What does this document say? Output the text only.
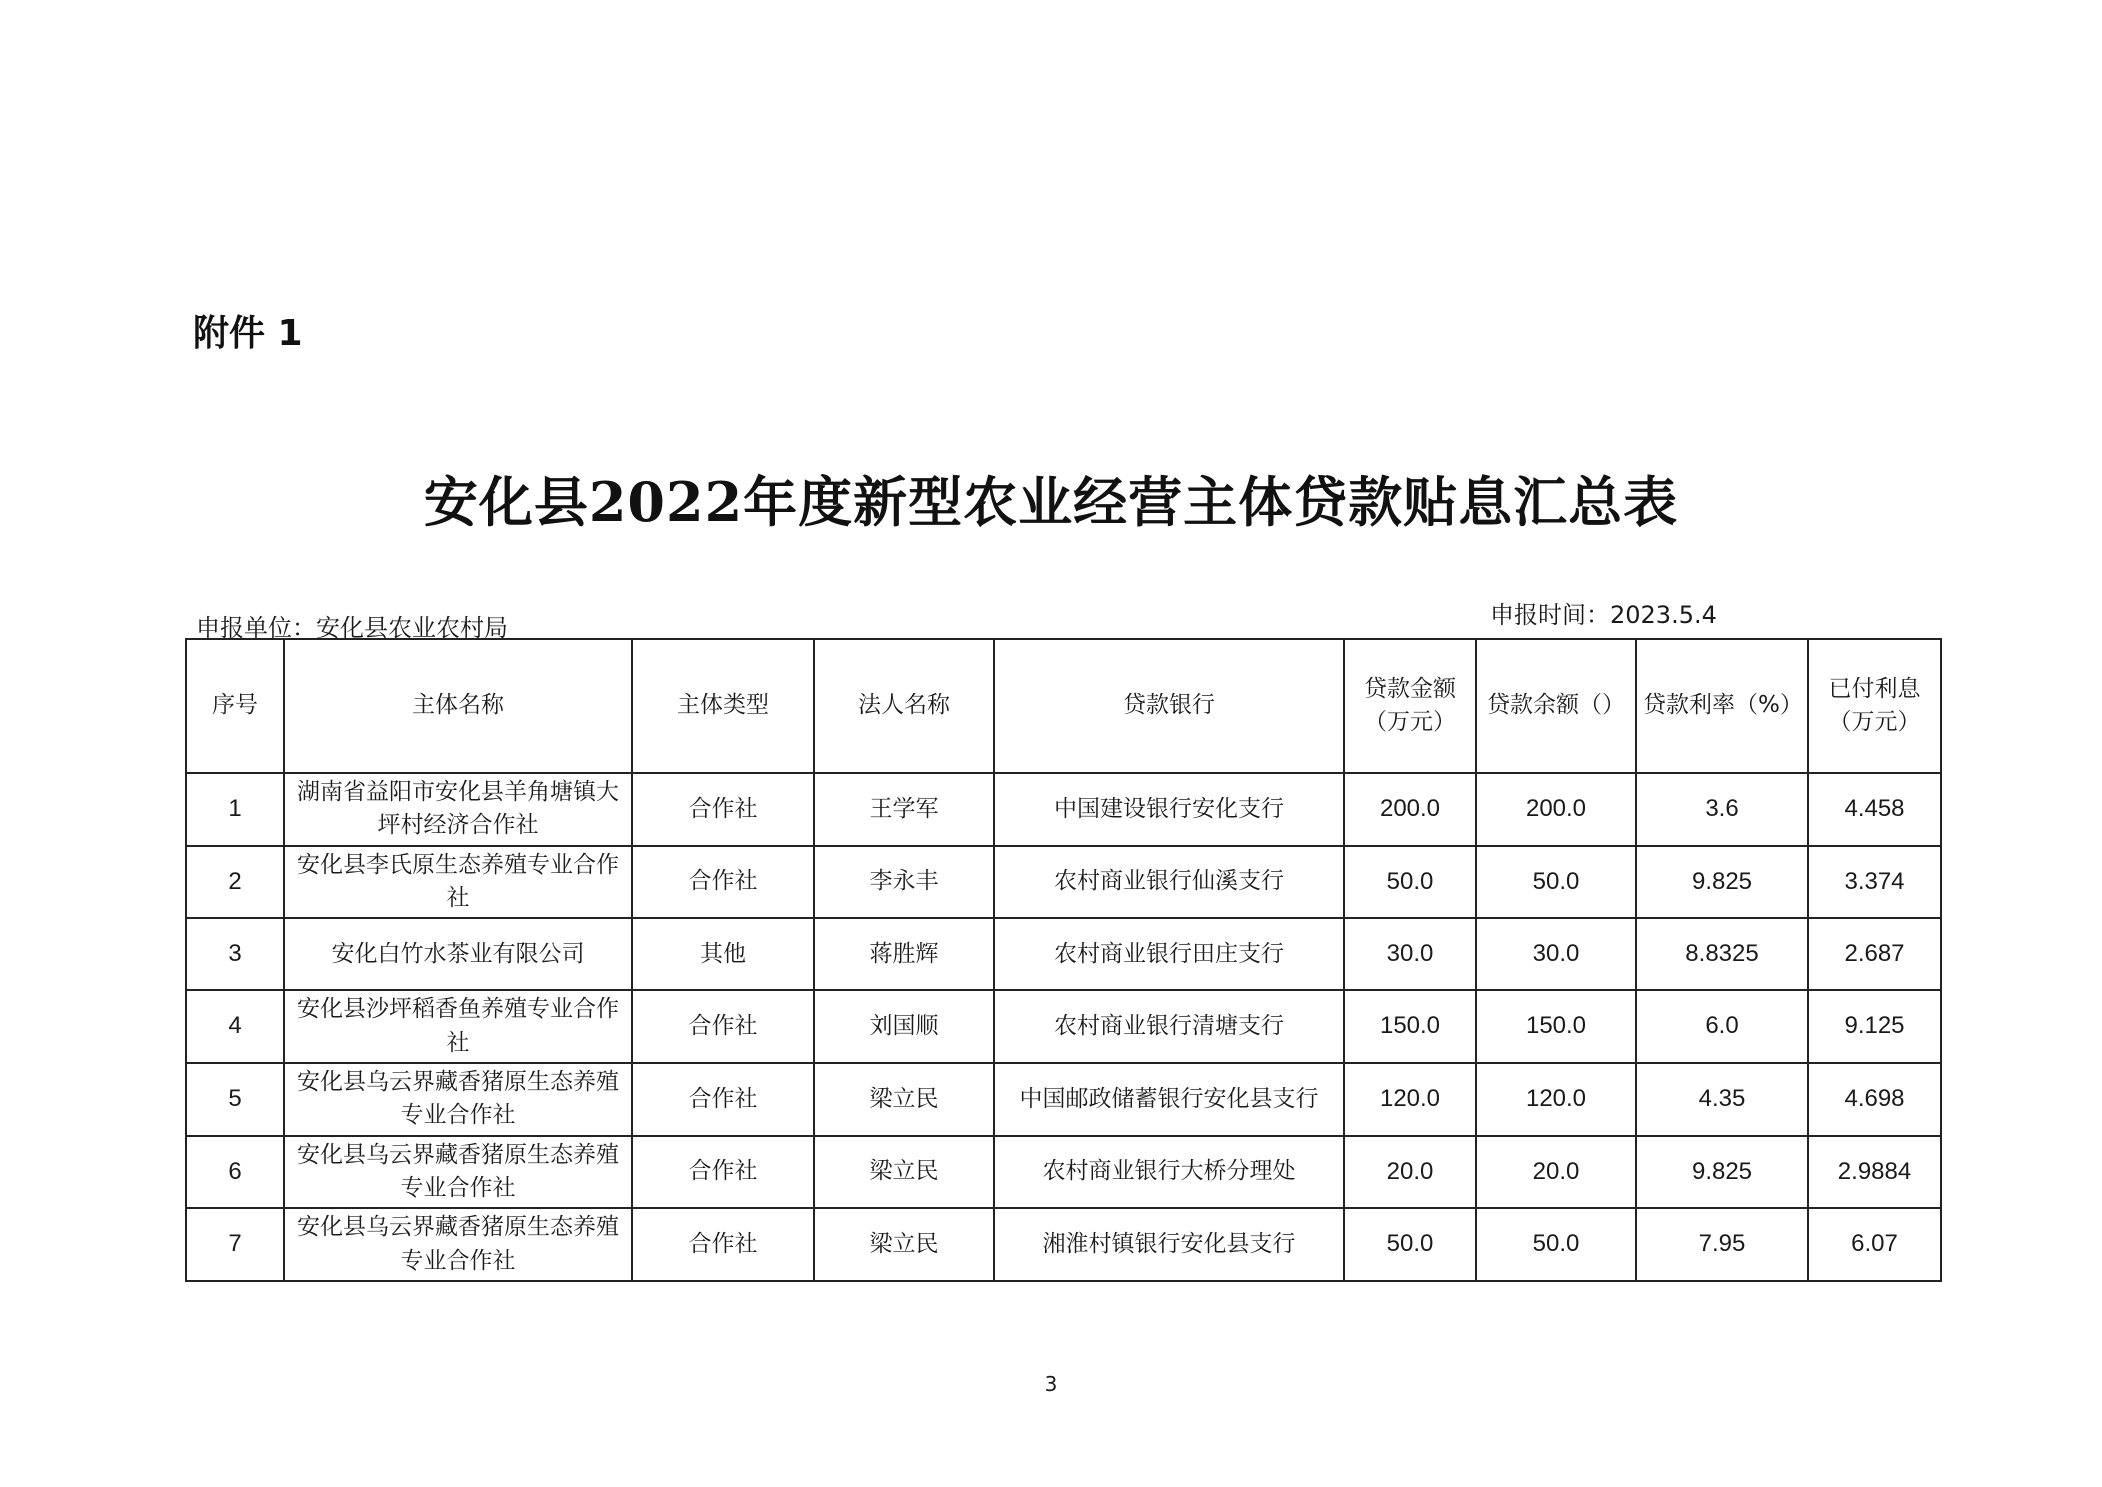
附件 1
安化县2022年度新型农业经营主体贷款贴息汇总表
申报单位：安化县农业农村局	申报时间：2023.5.4
序号	主体名称	主体类型	法人名称	贷款银行	贷款金额（万元）	贷款余额（）	贷款利率（%）	已付利息（万元）
1	湖南省益阳市安化县羊角塘镇大坪村经济合作社	合作社	王学军	中国建设银行安化支行	200.0	200.0	3.6	4.458
2	安化县李氏原生态养殖专业合作社	合作社	李永丰	农村商业银行仙溪支行	50.0	50.0	9.825	3.374
3	安化白竹水茶业有限公司	其他	蒋胜辉	农村商业银行田庄支行	30.0	30.0	8.8325	2.687
4	安化县沙坪稻香鱼养殖专业合作社	合作社	刘国顺	农村商业银行清塘支行	150.0	150.0	6.0	9.125
5	安化县乌云界藏香猪原生态养殖专业合作社	合作社	梁立民	中国邮政储蓄银行安化县支行	120.0	120.0	4.35	4.698
6	安化县乌云界藏香猪原生态养殖专业合作社	合作社	梁立民	农村商业银行大桥分理处	20.0	20.0	9.825	2.9884
7	安化县乌云界藏香猪原生态养殖专业合作社	合作社	梁立民	湘淮村镇银行安化县支行	50.0	50.0	7.95	6.07
3
